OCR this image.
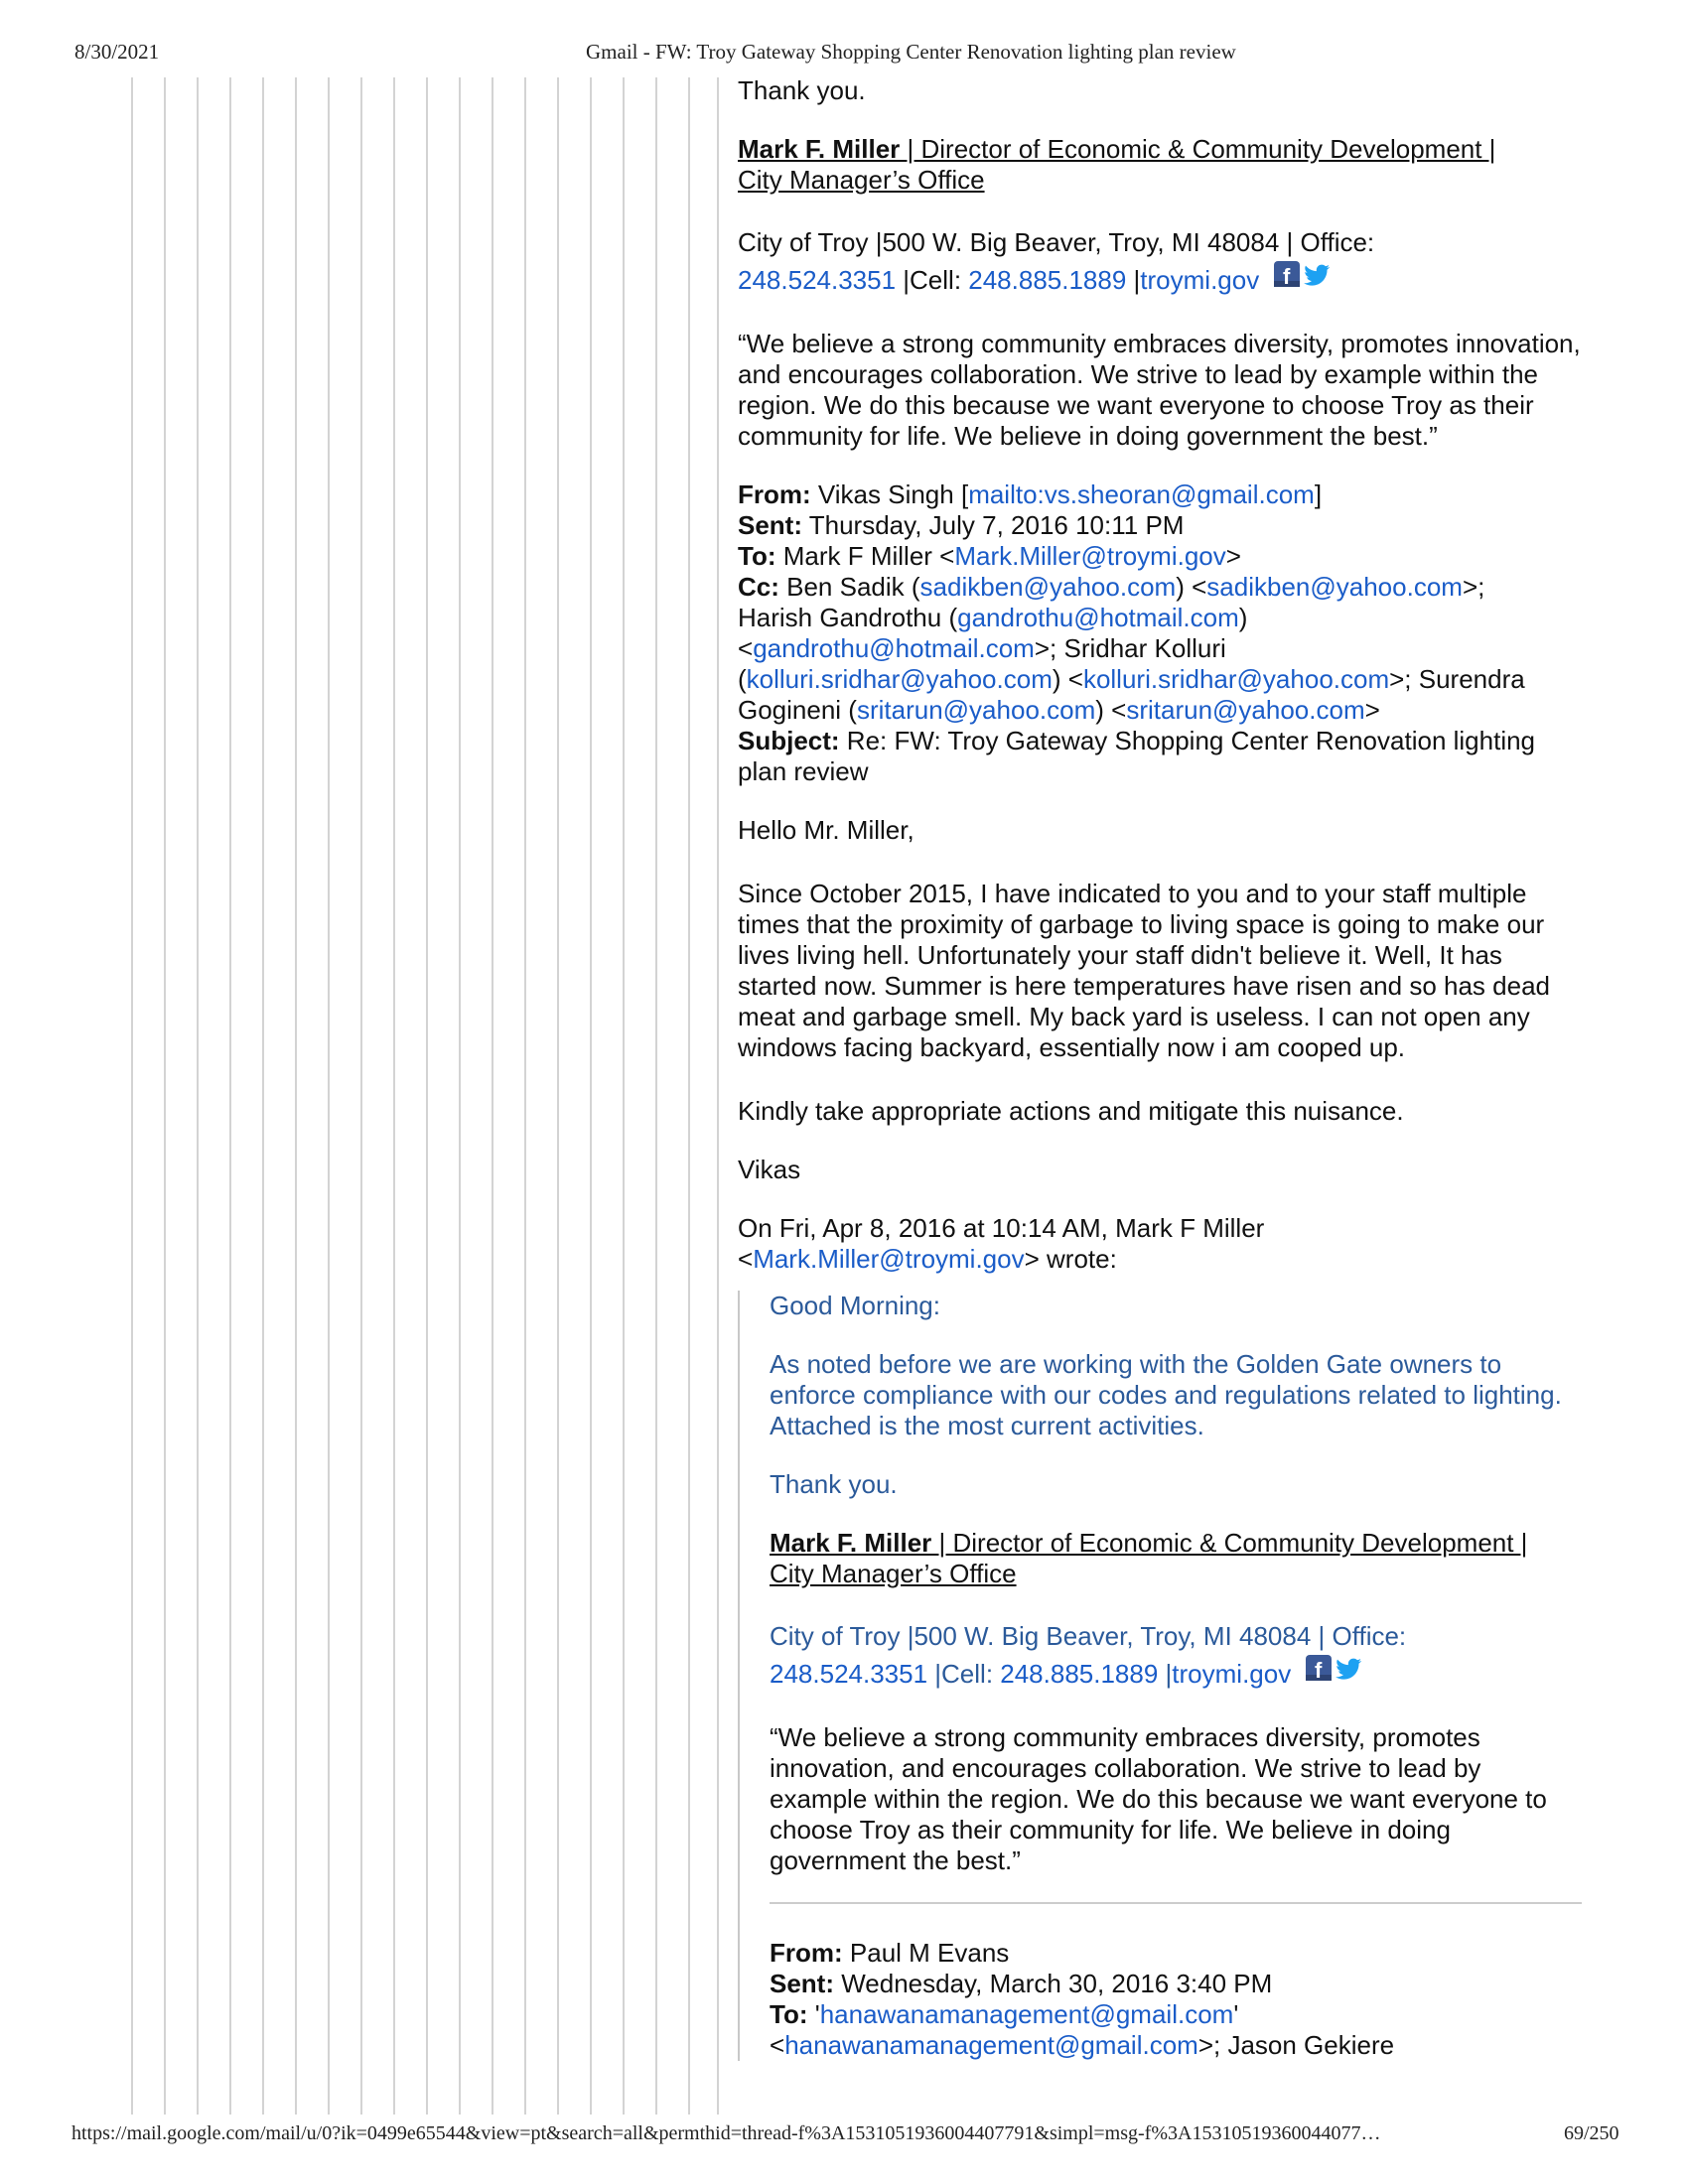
8/30/2021	Gmail - FW: Troy Gateway Shopping Center Renovation lighting plan review

Thank you.

Mark F. Miller | Director of Economic & Community Development |
City Manager’s Office

City of Troy |500 W. Big Beaver, Troy, MI 48084 | Office:
248.524.3351 |Cell: 248.885.1889 |troymi.gov f

“We believe a strong community embraces diversity, promotes innovation, and encourages collaboration. We strive to lead by example within the region. We do this because we want everyone to choose Troy as their community for life. We believe in doing government the best.”

From: Vikas Singh [mailto:vs.sheoran@gmail.com]
Sent: Thursday, July 7, 2016 10:11 PM
To: Mark F Miller <Mark.Miller@troymi.gov>
Cc: Ben Sadik (sadikben@yahoo.com) <sadikben@yahoo.com>;
Harish Gandrothu (gandrothu@hotmail.com)
<gandrothu@hotmail.com>; Sridhar Kolluri
(kolluri.sridhar@yahoo.com) <kolluri.sridhar@yahoo.com>; Surendra
Gogineni (sritarun@yahoo.com) <sritarun@yahoo.com>
Subject: Re: FW: Troy Gateway Shopping Center Renovation lighting plan review

Hello Mr. Miller,

Since October 2015, I have indicated to you and to your staff multiple times that the proximity of garbage to living space is going to make our lives living hell. Unfortunately your staff didn't believe it. Well, It has started now. Summer is here temperatures have risen and so has dead meat and garbage smell. My back yard is useless. I can not open any windows facing backyard, essentially now i am cooped up.

Kindly take appropriate actions and mitigate this nuisance.

Vikas

On Fri, Apr 8, 2016 at 10:14 AM, Mark F Miller
<Mark.Miller@troymi.gov> wrote:

Good Morning:

As noted before we are working with the Golden Gate owners to enforce compliance with our codes and regulations related to lighting. Attached is the most current activities.

Thank you.

Mark F. Miller | Director of Economic & Community Development |
City Manager’s Office

City of Troy |500 W. Big Beaver, Troy, MI 48084 | Office:
248.524.3351 |Cell: 248.885.1889 |troymi.gov f

“We believe a strong community embraces diversity, promotes innovation, and encourages collaboration. We strive to lead by example within the region. We do this because we want everyone to choose Troy as their community for life. We believe in doing government the best.”

From: Paul M Evans
Sent: Wednesday, March 30, 2016 3:40 PM
To: 'hanawanamanagement@gmail.com'
<hanawanamanagement@gmail.com>; Jason Gekiere

https://mail.google.com/mail/u/0?ik=0499e65544&view=pt&search=all&permthid=thread-f%3A1531051936004407791&simpl=msg-f%3A15310519360044077…	69/250
